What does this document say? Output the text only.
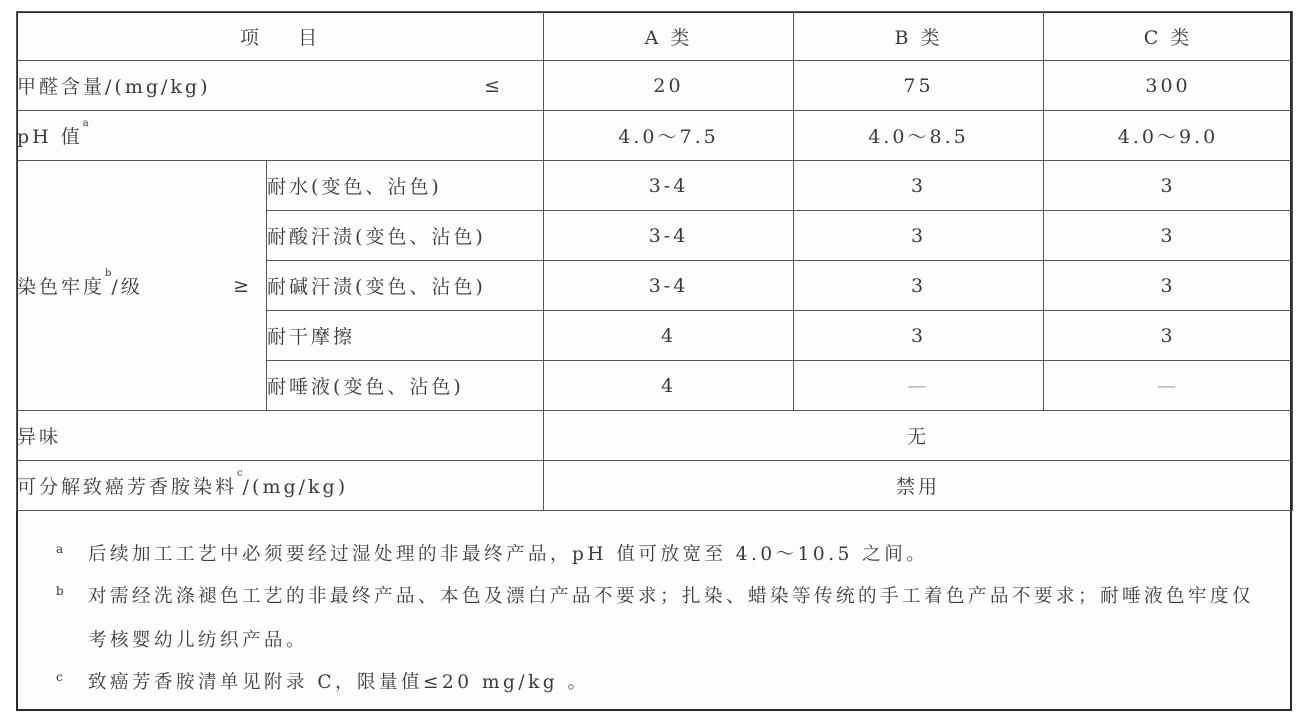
项    目		A 类	B 类	C 类

甲醛含量/(mg/kg) ≤		20	75	300
pH 值$^a$		4.0～7.5	4.0～8.5	4.0～9.0

染色牢度$^b$/级 ≥	耐水(变色、沾色)	3-4	3	3
	耐酸汗渍(变色、沾色)	3-4	3	3
	耐碱汗渍(变色、沾色)	3-4	3	3
	耐干摩擦	4	3	3
	耐唾液(变色、沾色)	4	—	—
异味		无		
可分解致癌芳香胺染料$^c$/(mg/kg)		禁用		
a 后续加工工艺中必须要经过湿处理的非最终产品，pH 值可放宽至 4.0～10.5 之间。
b 对需经洗涤褪色工艺的非最终产品、本色及漂白产品不要求；扎染、蜡染等传统的手工着色产品不要求；耐唾液色牢度仅考核婴幼儿纺织产品。
c 致癌芳香胺清单见附录 C，限量值≤20 mg/kg 。
